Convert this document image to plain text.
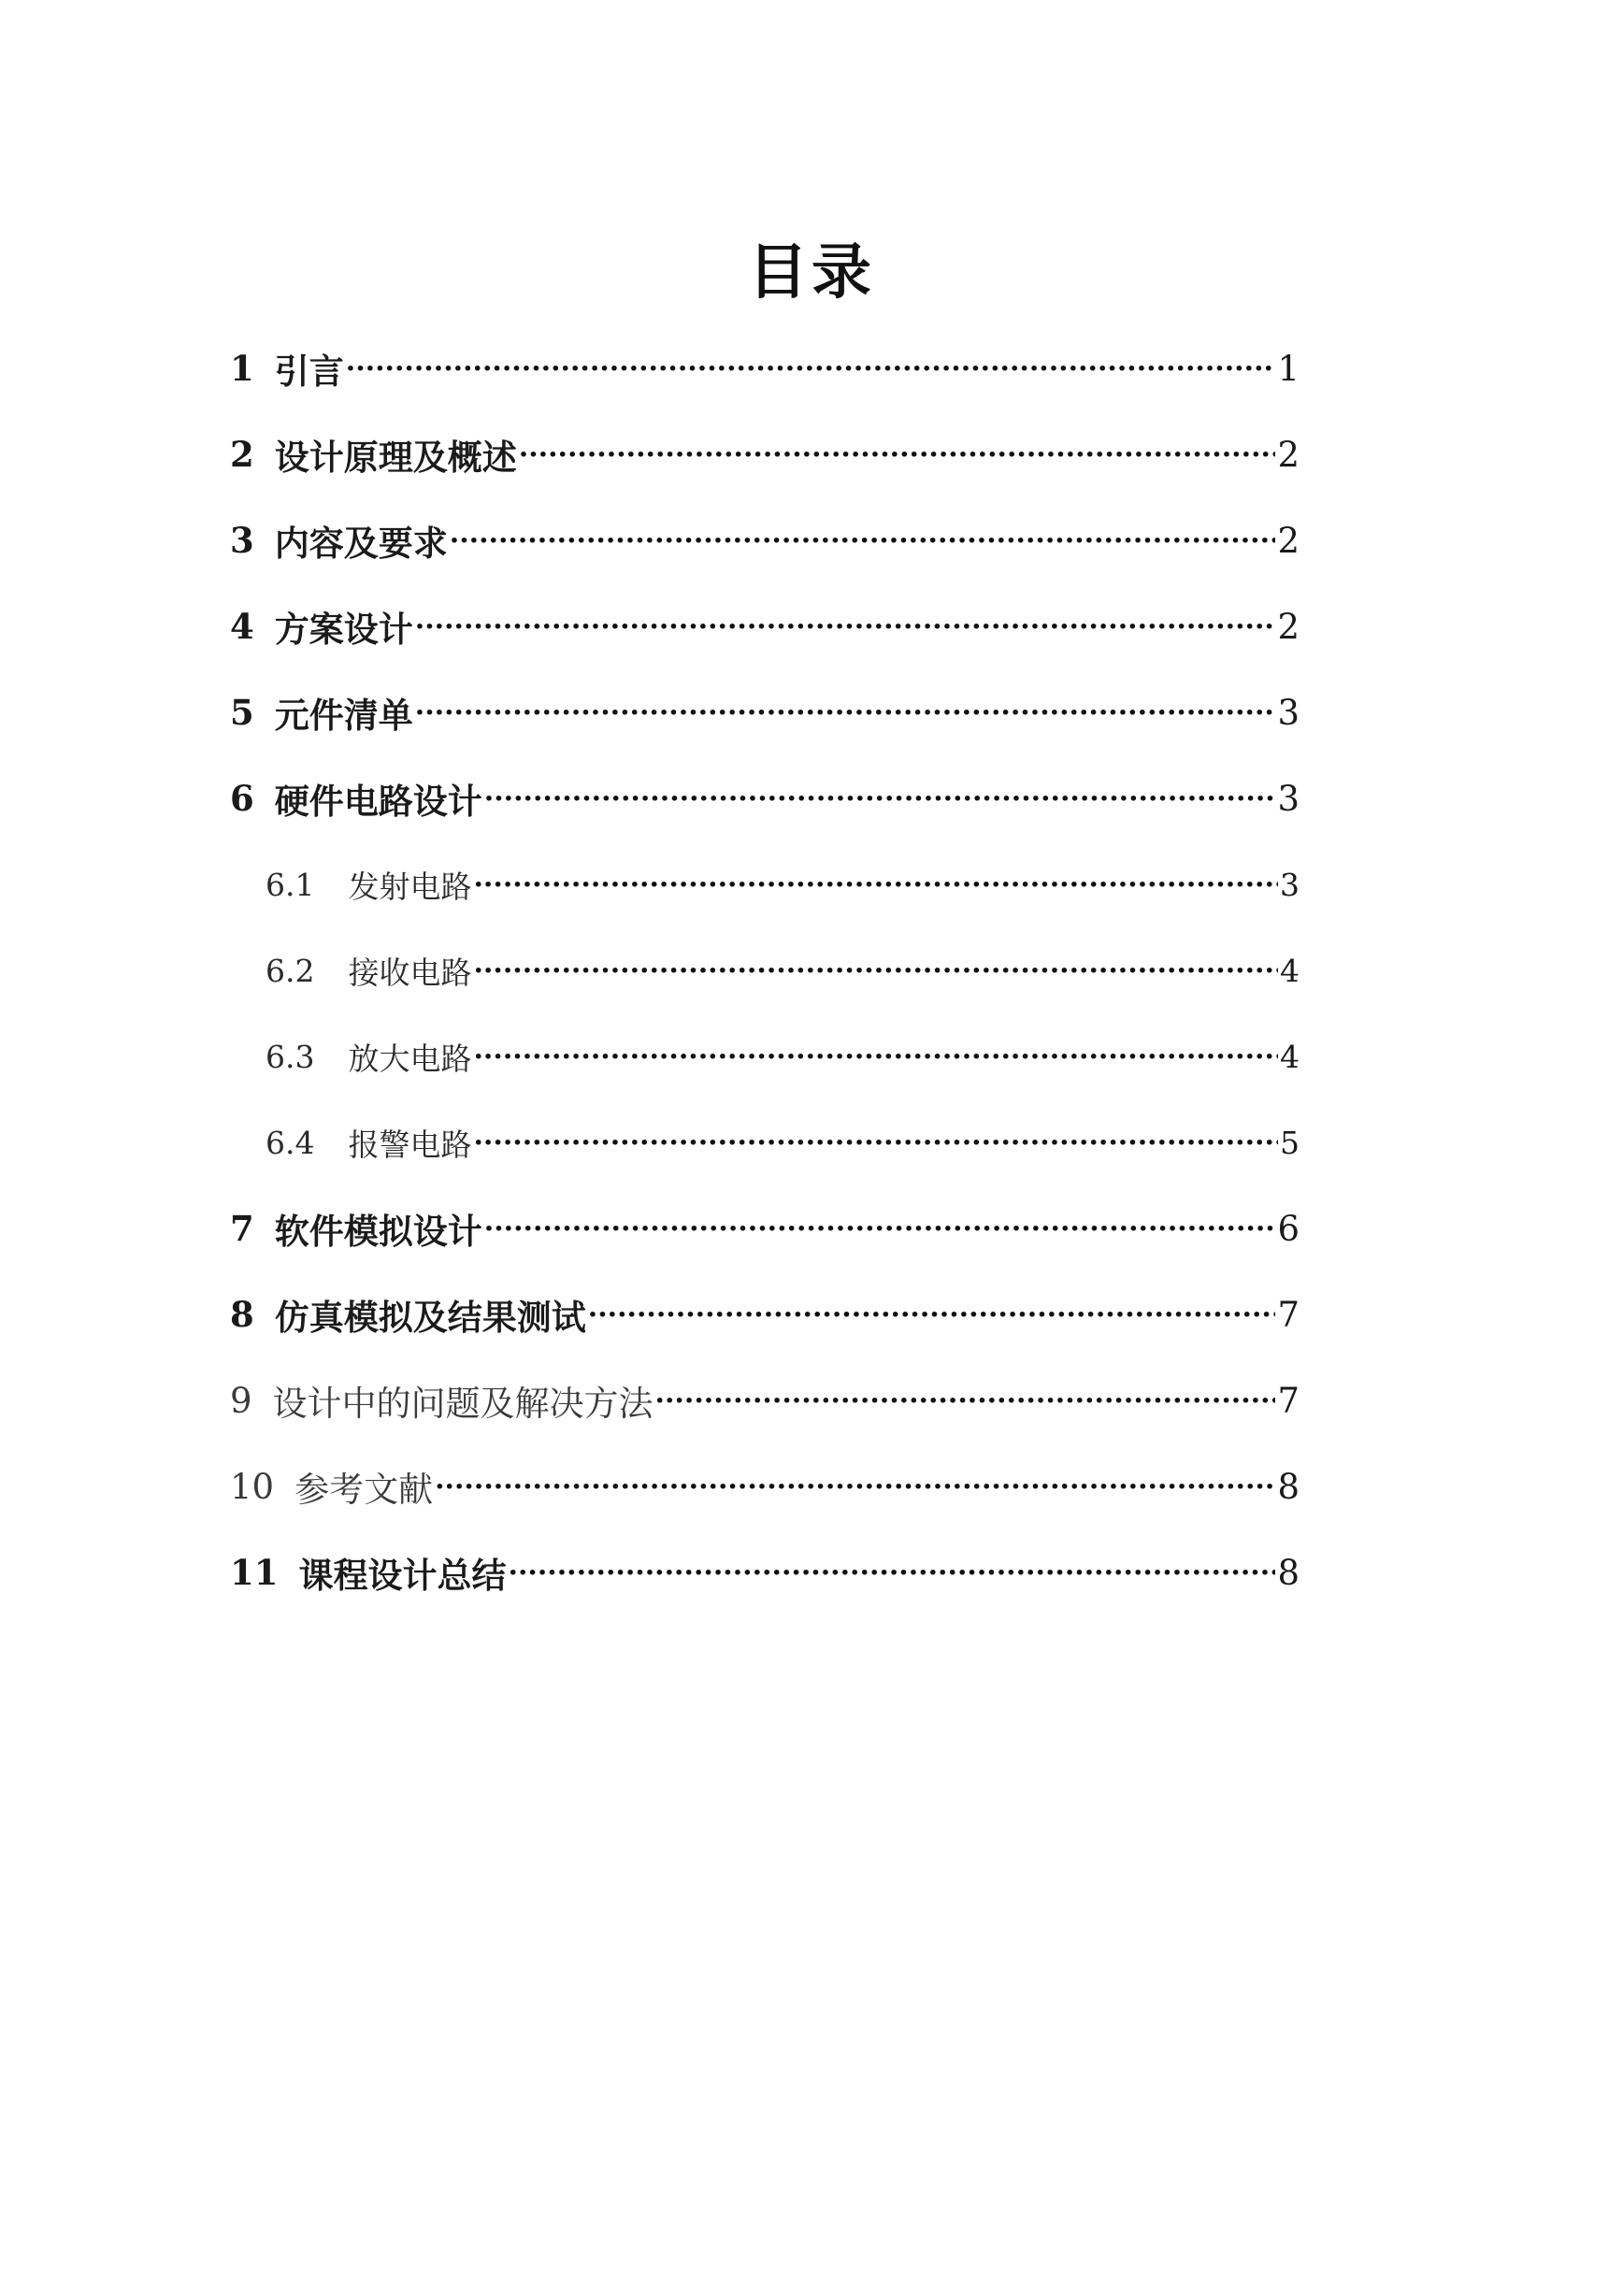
目录
1 引言 ·····	1
2 设计原理及概述 ·····	2
3 内容及要求 ·····	2
4 方案设计 ·····	2
5 元件清单 ·····	3
6 硬件电路设计 ·····	3
6.1 发射电路 ·····	3
6.2 接收电路 ·····	4
6.3 放大电路 ·····	4
6.4 报警电路 ·····	5
7 软件模拟设计 ·····	6
8 仿真模拟及结果测试 ·····	7
9 设计中的问题及解决方法 ·····	7
10 参考文献 ·····	8
11 课程设计总结 ·····	8
